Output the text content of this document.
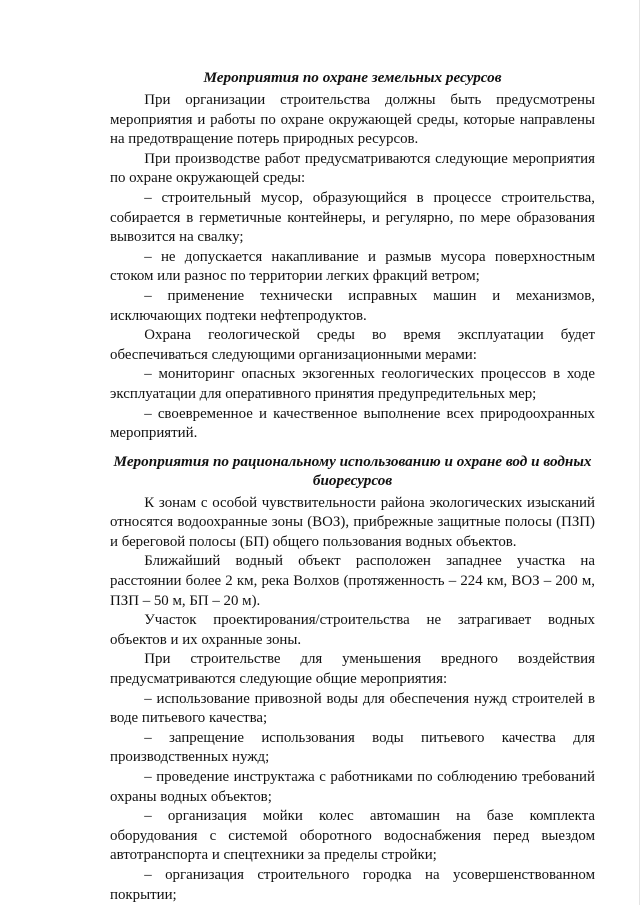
Мероприятия по охране земельных ресурсов

При организации строительства должны быть предусмотрены мероприятия и работы по охране окружающей среды, которые направлены на предотвращение потерь природных ресурсов.

При производстве работ предусматриваются следующие мероприятия по охране окружающей среды:

– строительный мусор, образующийся в процессе строительства, собирается в герметичные контейнеры, и регулярно, по мере образования вывозится на свалку;

– не допускается накапливание и размыв мусора поверхностным стоком или разнос по территории легких фракций ветром;

– применение технически исправных машин и механизмов, исключающих подтеки нефтепродуктов.

Охрана геологической среды во время эксплуатации будет обеспечиваться следующими организационными мерами:

– мониторинг опасных экзогенных геологических процессов в ходе эксплуатации для оперативного принятия предупредительных мер;

– своевременное и качественное выполнение всех природоохранных мероприятий.

Мероприятия по рациональному использованию и охране вод и водных биоресурсов

К зонам с особой чувствительности района экологических изысканий относятся водоохранные зоны (ВОЗ), прибрежные защитные полосы (ПЗП) и береговой полосы (БП) общего пользования водных объектов.

Ближайший водный объект расположен западнее участка на расстоянии более 2 км, река Волхов (протяженность – 224 км, ВОЗ – 200 м, ПЗП – 50 м, БП – 20 м).

Участок проектирования/строительства не затрагивает водных объектов и их охранные зоны.

При строительстве для уменьшения вредного воздействия предусматриваются следующие общие мероприятия:

– использование привозной воды для обеспечения нужд строителей в воде питьевого качества;

– запрещение использования воды питьевого качества для производственных нужд;

– проведение инструктажа с работниками по соблюдению требований охраны водных объектов;

– организация мойки колес автомашин на базе комплекта оборудования с системой оборотного водоснабжения перед выездом автотранспорта и спецтехники за пределы стройки;

– организация строительного городка на усовершенствованном покрытии;
